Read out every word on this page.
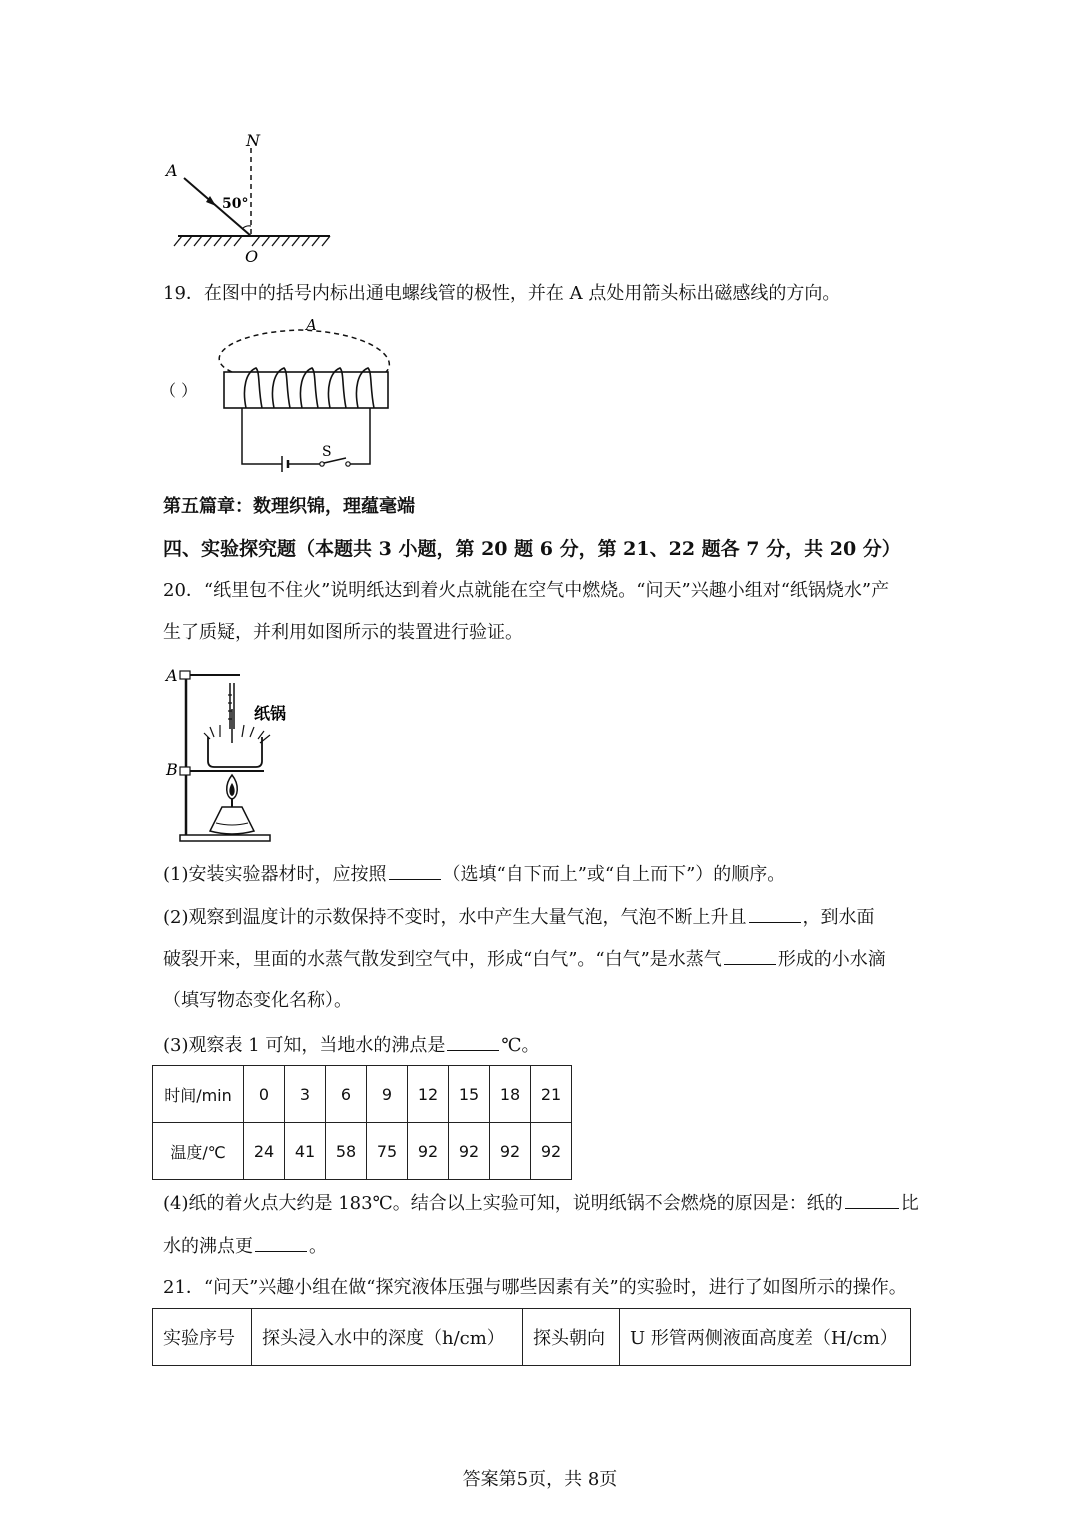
N
A
50°
O
19．在图中的括号内标出通电螺线管的极性，并在 A 点处用箭头标出磁感线的方向。
A
（ ）
S
第五篇章：数理织锦，理蕴毫端
四、实验探究题（本题共 3 小题，第 20 题 6 分，第 21、22 题各 7 分，共 20 分）
20．“纸里包不住火”说明纸达到着火点就能在空气中燃烧。“问天”兴趣小组对“纸锅烧水”产
生了质疑，并利用如图所示的装置进行验证。
A
B
纸锅
(1)安装实验器材时，应按照	（选填“自下而上”或“自上而下”）的顺序。
(2)观察到温度计的示数保持不变时，水中产生大量气泡，气泡不断上升且	，到水面
破裂开来，里面的水蒸气散发到空气中，形成“白气”。“白气”是水蒸气	形成的小水滴
（填写物态变化名称）。
(3)观察表 1 可知，当地水的沸点是	℃。
时间/min	0	3	6	9	12	15	18	21
温度/℃	24	41	58	75	92	92	92	92
(4)纸的着火点大约是 183℃。结合以上实验可知，说明纸锅不会燃烧的原因是：纸的	比
水的沸点更	。
21．“问天”兴趣小组在做“探究液体压强与哪些因素有关”的实验时，进行了如图所示的操作。
实验序号	探头浸入水中的深度（h/cm）	探头朝向	U 形管两侧液面高度差（H/cm）
答案第5页，共 8页
